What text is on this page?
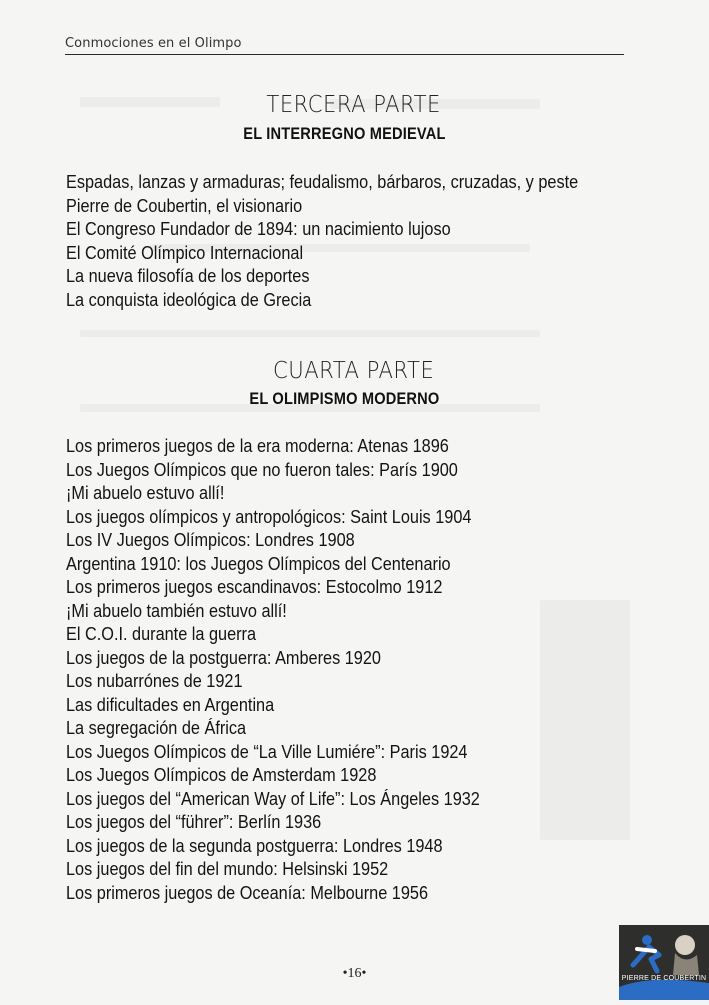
Conmociones en el Olimpo
TERCERA PARTE
EL INTERREGNO MEDIEVAL
Espadas, lanzas y armaduras; feudalismo, bárbaros, cruzadas, y peste
Pierre de Coubertin, el visionario
El Congreso Fundador de 1894: un nacimiento lujoso
El Comité Olímpico Internacional
La nueva filosofía de los deportes
La conquista ideológica de Grecia
CUARTA PARTE
EL OLIMPISMO MODERNO
Los primeros juegos de la era moderna: Atenas 1896
Los Juegos Olímpicos que no fueron tales: París 1900
¡Mi abuelo estuvo allí!
Los juegos olímpicos y antropológicos: Saint Louis 1904
Los IV Juegos Olímpicos: Londres 1908
Argentina 1910: los Juegos Olímpicos del Centenario
Los primeros juegos escandinavos: Estocolmo 1912
¡Mi abuelo también estuvo allí!
El C.O.I. durante la guerra
Los juegos de la postguerra: Amberes 1920
Los nubarrónes de 1921
Las dificultades en Argentina
La segregación de África
Los Juegos Olímpicos de “La Ville Lumiére”: Paris 1924
Los Juegos Olímpicos de Amsterdam 1928
Los juegos del “American Way of Life”: Los Ángeles 1932
Los juegos del “führer”: Berlín 1936
Los juegos de la segunda postguerra: Londres 1948
Los juegos del fin del mundo: Helsinski 1952
Los primeros juegos de Oceanía: Melbourne 1956
•16•	PIERRE DE COUBERTIN
